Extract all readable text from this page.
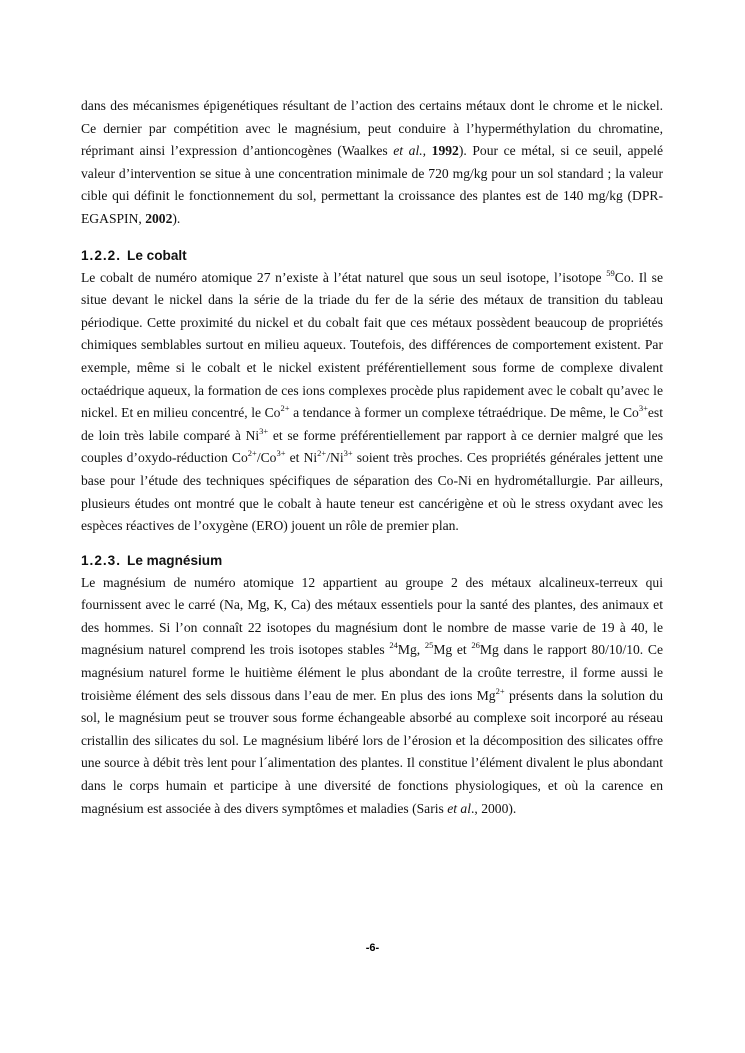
dans des mécanismes épigenétiques résultant de l’action des certains métaux dont le chrome et le nickel. Ce dernier par compétition avec le magnésium, peut conduire à l’hyperméthylation du chromatine, réprimant ainsi l’expression d’antioncogènes (Waalkes et al., 1992). Pour ce métal, si ce seuil, appelé valeur d’intervention se situe à une concentration minimale de 720 mg/kg pour un sol standard ; la valeur cible qui définit le fonctionnement du sol, permettant la croissance des plantes est de 140 mg/kg (DPR-EGASPIN, 2002).

1.2.2. Le cobalt

Le cobalt de numéro atomique 27 n’existe à l’état naturel que sous un seul isotope, l’isotope $^{59}$Co. Il se situe devant le nickel dans la série de la triade du fer de la série des métaux de transition du tableau périodique. Cette proximité du nickel et du cobalt fait que ces métaux possèdent beaucoup de propriétés chimiques semblables surtout en milieu aqueux. Toutefois, des différences de comportement existent. Par exemple, même si le cobalt et le nickel existent préférentiellement sous forme de complexe divalent octaédrique aqueux, la formation de ces ions complexes procède plus rapidement avec le cobalt qu’avec le nickel. Et en milieu concentré, le $Co^{2+}$ a tendance à former un complexe tétraédrique. De même, le $Co^{3+}est$ de loin très labile comparé à $Ni^{3+}$ et se forme préférentiellement par rapport à ce dernier malgré que les couples d’oxydo-réduction $Co^{2+}/Co^{3+}$ et $Ni^{2+}/Ni^{3+}$ soient très proches. Ces propriétés générales jettent une base pour l’étude des techniques spécifiques de séparation des Co-Ni en hydrométallurgie. Par ailleurs, plusieurs études ont montré que le cobalt à haute teneur est cancérigène et où le stress oxydant avec les espèces réactives de l’oxygène (ERO) jouent un rôle de premier plan.

1.2.3. Le magnésium

Le magnésium de numéro atomique 12 appartient au groupe 2 des métaux alcalineux-terreux qui fournissent avec le carré (Na, Mg, K, Ca) des métaux essentiels pour la santé des plantes, des animaux et des hommes. Si l’on connaît 22 isotopes du magnésium dont le nombre de masse varie de 19 à 40, le magnésium naturel comprend les trois isotopes stables $^{24}$Mg, $^{25}$Mg et $^{26}$Mg dans le rapport 80/10/10. Ce magnésium naturel forme le huitième élément le plus abondant de la croûte terrestre, il forme aussi le troisième élément des sels dissous dans l’eau de mer. En plus des ions $Mg^{2+}$ présents dans la solution du sol, le magnésium peut se trouver sous forme échangeable absorbé au complexe soit incorporé au réseau cristallin des silicates du sol. Le magnésium libéré lors de l’érosion et la décomposition des silicates offre une source à débit très lent pour l´alimentation des plantes. Il constitue l’élément divalent le plus abondant dans le corps humain et participe à une diversité de fonctions physiologiques, et où la carence en magnésium est associée à des divers symptômes et maladies (Saris et al., 2000).

-6-
